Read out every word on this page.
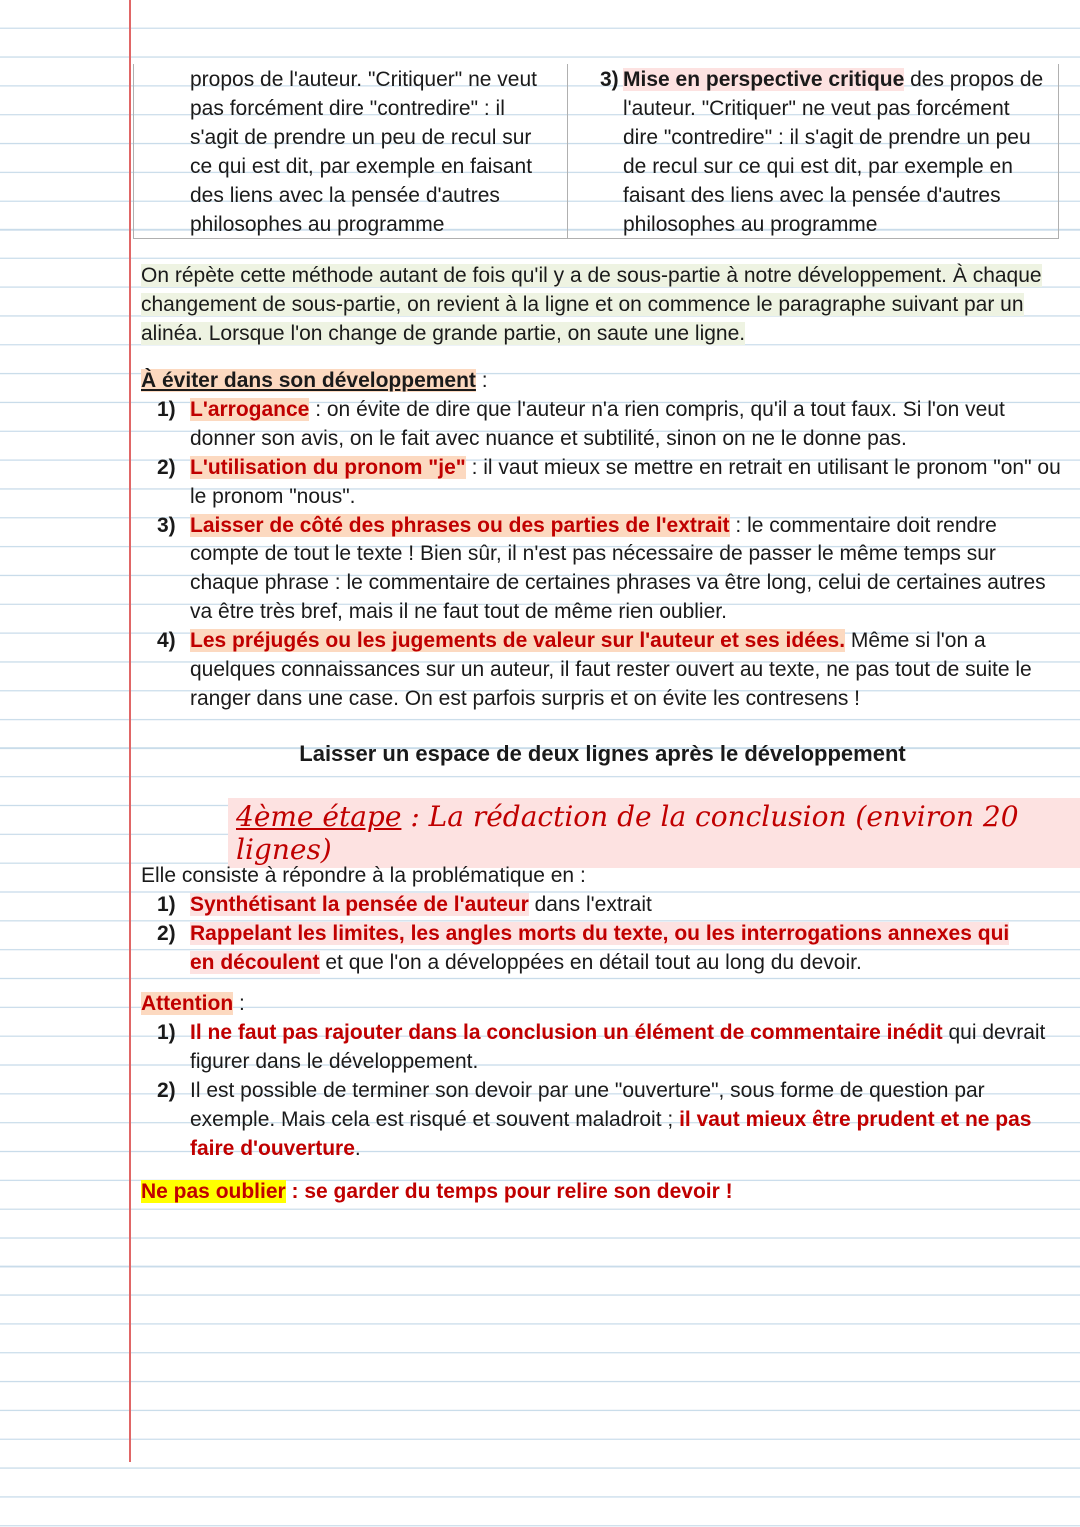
propos de l'auteur. "Critiquer" ne veut pas forcément dire "contredire" : il s'agit de prendre un peu de recul sur ce qui est dit, par exemple en faisant des liens avec la pensée d'autres philosophes au programme
3) Mise en perspective critique des propos de l'auteur. "Critiquer" ne veut pas forcément dire "contredire" : il s'agit de prendre un peu de recul sur ce qui est dit, par exemple en faisant des liens avec la pensée d'autres philosophes au programme
On répète cette méthode autant de fois qu'il y a de sous-partie à notre développement. À chaque changement de sous-partie, on revient à la ligne et on commence le paragraphe suivant par un alinéa. Lorsque l'on change de grande partie, on saute une ligne.
À éviter dans son développement :
1) L'arrogance : on évite de dire que l'auteur n'a rien compris, qu'il a tout faux. Si l'on veut donner son avis, on le fait avec nuance et subtilité, sinon on ne le donne pas.
2) L'utilisation du pronom "je" : il vaut mieux se mettre en retrait en utilisant le pronom "on" ou le pronom "nous".
3) Laisser de côté des phrases ou des parties de l'extrait : le commentaire doit rendre compte de tout le texte ! Bien sûr, il n'est pas nécessaire de passer le même temps sur chaque phrase : le commentaire de certaines phrases va être long, celui de certaines autres va être très bref, mais il ne faut tout de même rien oublier.
4) Les préjugés ou les jugements de valeur sur l'auteur et ses idées. Même si l'on a quelques connaissances sur un auteur, il faut rester ouvert au texte, ne pas tout de suite le ranger dans une case. On est parfois surpris et on évite les contresens !
Laisser un espace de deux lignes après le développement
4ème étape : La rédaction de la conclusion (environ 20 lignes)
Elle consiste à répondre à la problématique en :
1) Synthétisant la pensée de l'auteur dans l'extrait
2) Rappelant les limites, les angles morts du texte, ou les interrogations annexes qui en découlent et que l'on a développées en détail tout au long du devoir.
Attention :
1) Il ne faut pas rajouter dans la conclusion un élément de commentaire inédit qui devrait figurer dans le développement.
2) Il est possible de terminer son devoir par une "ouverture", sous forme de question par exemple. Mais cela est risqué et souvent maladroit ; il vaut mieux être prudent et ne pas faire d'ouverture.
Ne pas oublier : se garder du temps pour relire son devoir !
